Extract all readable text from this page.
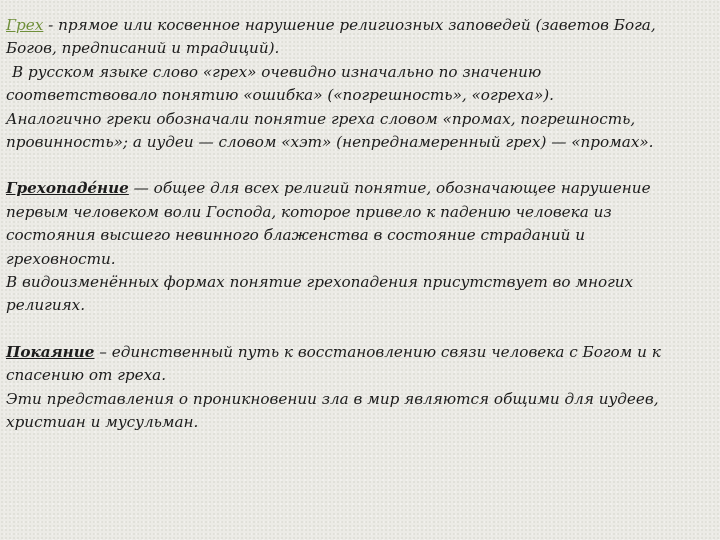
Грех - прямое или косвенное нарушение религиозных заповедей (заветов Бога,
Богов, предписаний и традиций).
В русском языке слово «грех» очевидно изначально по значению
соответствовало понятию «ошибка» («погрешность», «огреха»).
Аналогично греки обозначали понятие греха словом «промах, погрешность,
провинность»; а иудеи — словом «хэт» (непреднамеренный грех) — «промах».
Грехопаде́ние — общее для всех религий понятие, обозначающее нарушение
первым человеком воли Господа, которое привело к падению человека из
состояния высшего невинного блаженства в состояние страданий и
греховности.
В видоизменённых формах понятие грехопадения присутствует во многих
религиях.
Покаяние – единственный путь к восстановлению связи человека с Богом и к
спасению от греха.
Эти представления о проникновении зла в мир являются общими для иудеев,
христиан и мусульман.
